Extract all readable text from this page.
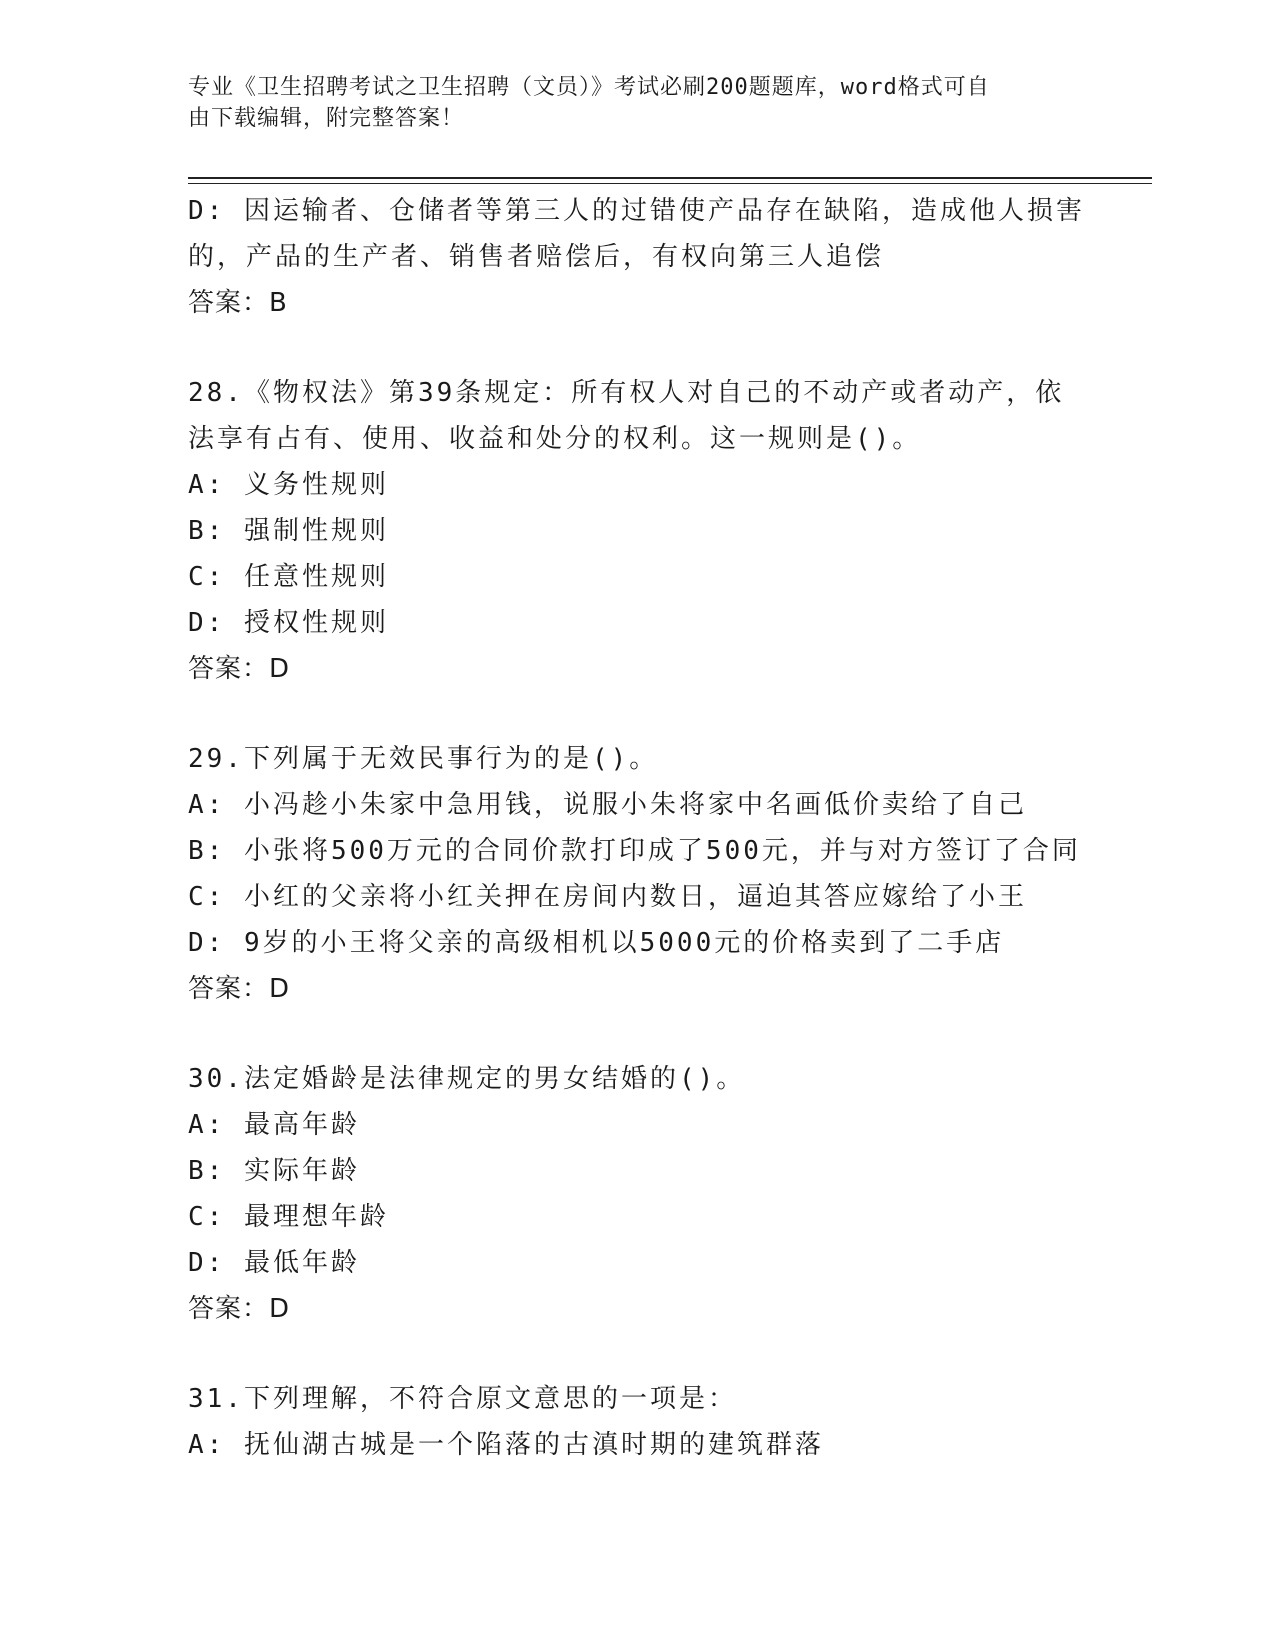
专业《卫生招聘考试之卫生招聘（文员）》考试必刷200题题库，word格式可自
由下载编辑，附完整答案！
D: 因运输者、仓储者等第三人的过错使产品存在缺陷，造成他人损害
的，产品的生产者、销售者赔偿后，有权向第三人追偿
答案：B
28.《物权法》第39条规定：所有权人对自己的不动产或者动产，依
法享有占有、使用、收益和处分的权利。这一规则是()。
A: 义务性规则
B: 强制性规则
C: 任意性规则
D: 授权性规则
答案：D
29.下列属于无效民事行为的是()。
A: 小冯趁小朱家中急用钱，说服小朱将家中名画低价卖给了自己
B: 小张将500万元的合同价款打印成了500元，并与对方签订了合同
C: 小红的父亲将小红关押在房间内数日，逼迫其答应嫁给了小王
D: 9岁的小王将父亲的高级相机以5000元的价格卖到了二手店
答案：D
30.法定婚龄是法律规定的男女结婚的()。
A: 最高年龄
B: 实际年龄
C: 最理想年龄
D: 最低年龄
答案：D
31.下列理解，不符合原文意思的一项是：
A: 抚仙湖古城是一个陷落的古滇时期的建筑群落
